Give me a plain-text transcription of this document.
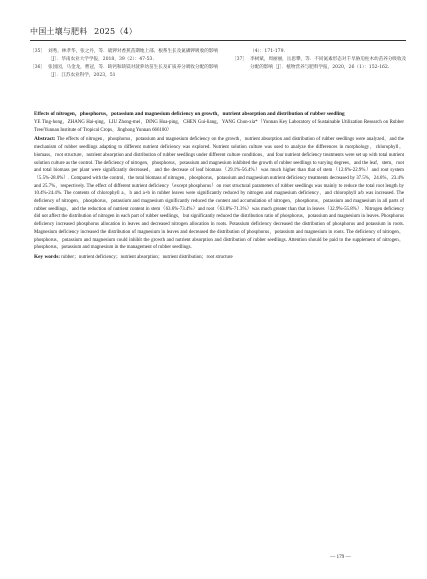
中国土壤与肥料 2025（4）
［35］ 刘秀，林孝华，张之丹，等．硫钾对香蕉苗期地上部、根系生长及氮磷钾吸收的影响［J］．华南农业大学学报，2018，39（2）：47-53.
［36］ 张园园，马金龙，曹冠，等．缺钙和缺镁对菠萝幼苗生长及矿质养分吸收分配的影响［J］．江苏农业科学，2023，51
（4）：171-179.
［37］ 李树斌，周丽丽，岳思攀，等．不同氮素形态对千旱胁迫柱木幼苗养分吸收及分配的影响［J］．植物营养与肥料学报，2020，26（1）：152-162.
Effects of nitrogen，phosphorus，potassium and magnesium deficiency on growth，nutrient absorption and distribution of rubber seedling
YE Ting-hong，ZHANG Hai-qing，LIU Zhong-mei，DING Hua-ping，CHEN Gui-liang，YANG Chun-xia*（Yunnan Key Laboratory of Sustainable Utilization Research on Rubber Tree/Yunnan Institute of Tropical Crops，Jinghong Yunnan 666100）
Abstract: The effects of nitrogen，phosphorus，potassium and magnesium deficiency on the growth，nutrient absorption and distribution of rubber seedlings were analyzed，and the mechanism of rubber seedlings adapting to different nutrient deficiency was explored. Nutrient solution culture was used to analyze the differences in morphology，chlorophyll，biomass，root structure，nutrient absorption and distribution of rubber seedlings under different culture conditions，and four nutrient deficiency treatments were set up with total nutrient solution culture as the control. The deficiency of nitrogen，phosphorus，potassium and magnesium inhibited the growth of rubber seedlings to varying degrees，and the leaf，stem，root and total biomass per plant were significantly decreased，and the decrease of leaf biomass（29.1%-56.4%）was much higher than that of stem（12.6%-22.9%）and root system（5.5%-28.0%）. Compared with the control，the total biomass of nitrogen，phosphorus，potassium and magnesium nutrient deficiency treatments decreased by 37.5%，24.6%，23.4% and 25.7%，respectively. The effect of different nutrient deficiency（except phosphorus）on root structural parameters of rubber seedlings was mainly to reduce the total root length by 10.4%-24.4%. The contents of chlorophyll a，b and a+b in rubber leaves were significantly reduced by nitrogen and magnesium deficiency，and chlorophyll a/b was increased. The deficiency of nitrogen，phosphorus，potassium and magnesium significantly reduced the content and accumulation of nitrogen，phosphorus，potassium and magnesium in all parts of rubber seedlings，and the reduction of nutrient content in stem（63.6%-73.4%）and root（63.8%-71.3%）was much greater than that in leaves（32.9%-55.8%）. Nitrogen deficiency did not affect the distribution of nitrogen in each part of rubber seedlings，but significantly reduced the distribution ratio of phosphorus，potassium and magnesium in leaves. Phosphorus deficiency increased phosphorus allocation in leaves and decreased nitrogen allocation in roots. Potassium deficiency decreased the distribution of phosphorus and potassium in roots. Magnesium deficiency increased the distribution of magnesium in leaves and decreased the distribution of phosphorus，potassium and magnesium in roots. The deficiency of nitrogen，phosphorus，potassium and magnesium could inhibit the growth and nutrient absorption and distribution of rubber seedlings. Attention should be paid to the supplement of nitrogen，phosphorus，potassium and magnesium in the management of rubber seedlings.
Key words: rubber；nutrient deficiency；nutrient absorption；nutrient distribution；root structure
— 179 —
